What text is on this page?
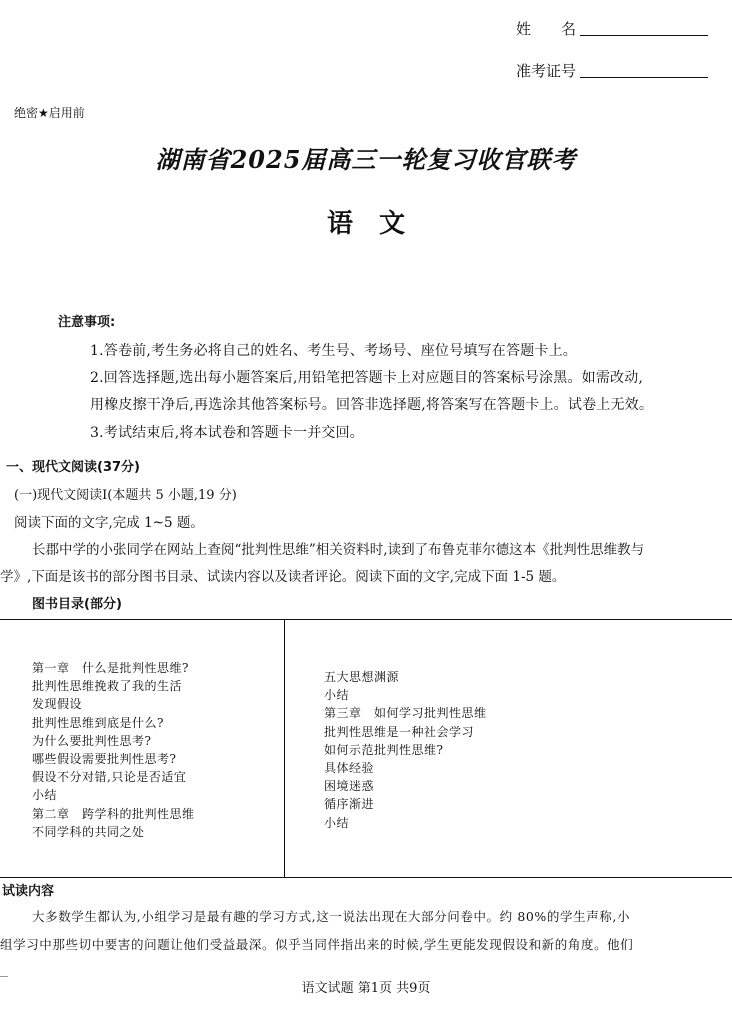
姓　　名
准考证号
绝密★启用前
湖南省2025届高三一轮复习收官联考
语文
注意事项:
1.答卷前,考生务必将自己的姓名、考生号、考场号、座位号填写在答题卡上。
2.回答选择题,选出每小题答案后,用铅笔把答题卡上对应题目的答案标号涂黑。如需改动,
用橡皮擦干净后,再选涂其他答案标号。回答非选择题,将答案写在答题卡上。试卷上无效。
3.考试结束后,将本试卷和答题卡一并交回。
一、现代文阅读(37分)
(一)现代文阅读Ⅰ(本题共 5 小题,19 分)
阅读下面的文字,完成 1~5 题。
长郡中学的小张同学在网站上查阅“批判性思维”相关资料时,读到了布鲁克菲尔德这本《批判性思维教与
学》,下面是该书的部分图书目录、试读内容以及读者评论。阅读下面的文字,完成下面 1-5 题。
图书目录(部分)
第一章　什么是批判性思维?
批判性思维挽救了我的生活
发现假设
批判性思维到底是什么?
为什么要批判性思考?
哪些假设需要批判性思考?
假设不分对错,只论是否适宜
小结
第二章　跨学科的批判性思维
不同学科的共同之处
五大思想渊源
小结
第三章　如何学习批判性思维
批判性思维是一种社会学习
如何示范批判性思维?
具体经验
困境迷惑
循序渐进
小结
试读内容
大多数学生都认为,小组学习是最有趣的学习方式,这一说法出现在大部分问卷中。约 80%的学生声称,小
组学习中那些切中要害的问题让他们受益最深。似乎当同伴指出来的时候,学生更能发现假设和新的角度。他们
语文试题 第1页 共9页
